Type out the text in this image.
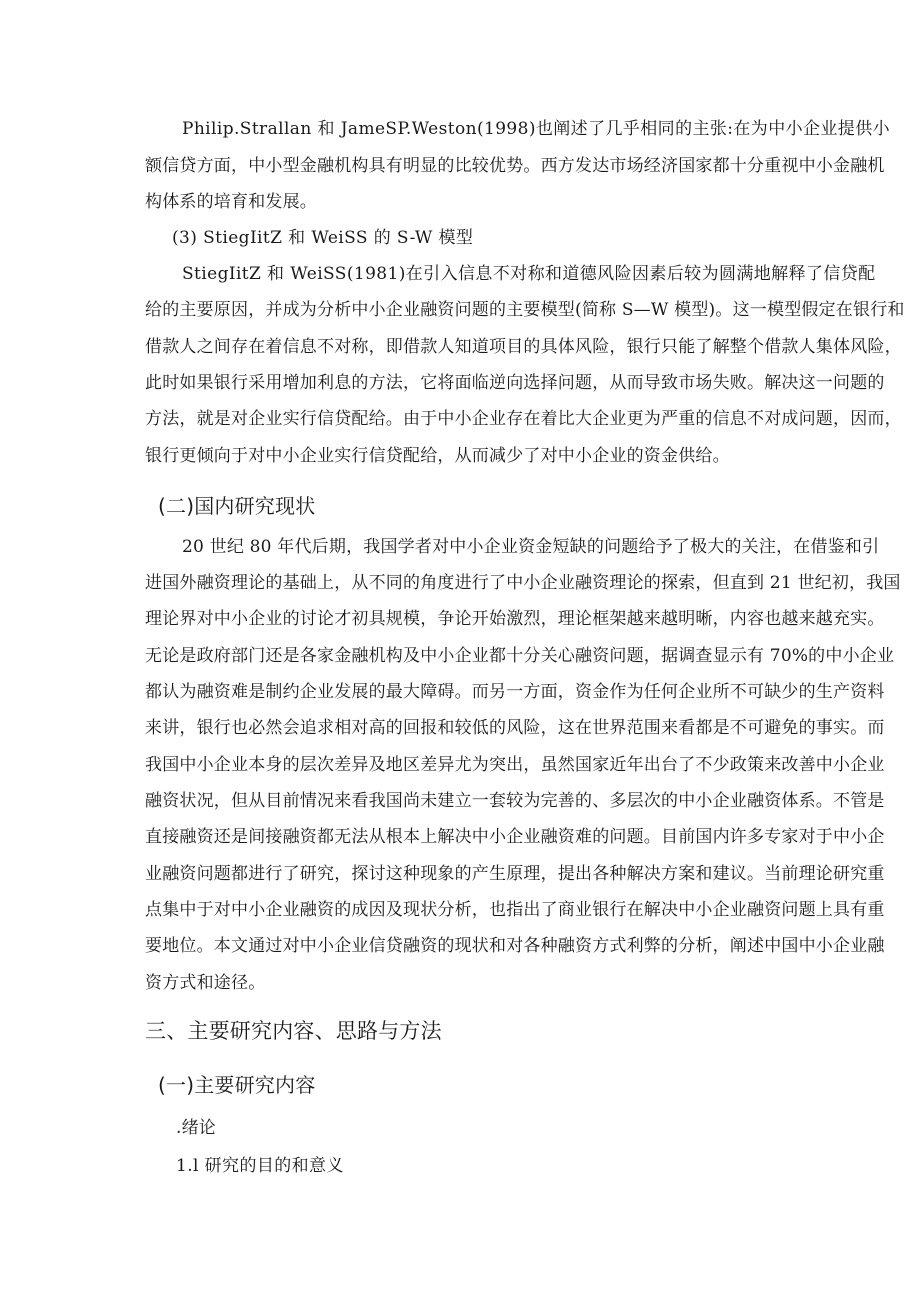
Philip.Strallan 和 JameSP.Weston(1998)也阐述了几乎相同的主张:在为中小企业提供小
额信贷方面，中小型金融机构具有明显的比较优势。西方发达市场经济国家都十分重视中小金融机
构体系的培育和发展。
(3) StiegIitZ 和 WeiSS 的 S-W 模型
StiegIitZ 和 WeiSS(1981)在引入信息不对称和道德风险因素后较为圆满地解释了信贷配
给的主要原因，并成为分析中小企业融资问题的主要模型(简称 S—W 模型)。这一模型假定在银行和
借款人之间存在着信息不对称，即借款人知道项目的具体风险，银行只能了解整个借款人集体风险，
此时如果银行采用增加利息的方法，它将面临逆向选择问题，从而导致市场失败。解决这一问题的
方法，就是对企业实行信贷配给。由于中小企业存在着比大企业更为严重的信息不对成问题，因而，
银行更倾向于对中小企业实行信贷配给，从而减少了对中小企业的资金供给。
(二)国内研究现状
20 世纪 80 年代后期，我国学者对中小企业资金短缺的问题给予了极大的关注，在借鉴和引
进国外融资理论的基础上，从不同的角度进行了中小企业融资理论的探索，但直到 21 世纪初，我国
理论界对中小企业的讨论才初具规模，争论开始激烈，理论框架越来越明晰，内容也越来越充实。
无论是政府部门还是各家金融机构及中小企业都十分关心融资问题，据调查显示有 70%的中小企业
都认为融资难是制约企业发展的最大障碍。而另一方面，资金作为任何企业所不可缺少的生产资料
来讲，银行也必然会追求相对高的回报和较低的风险，这在世界范围来看都是不可避免的事实。而
我国中小企业本身的层次差异及地区差异尤为突出，虽然国家近年出台了不少政策来改善中小企业
融资状况，但从目前情况来看我国尚未建立一套较为完善的、多层次的中小企业融资体系。不管是
直接融资还是间接融资都无法从根本上解决中小企业融资难的问题。目前国内许多专家对于中小企
业融资问题都进行了研究，探讨这种现象的产生原理，提出各种解决方案和建议。当前理论研究重
点集中于对中小企业融资的成因及现状分析，也指出了商业银行在解决中小企业融资问题上具有重
要地位。本文通过对中小企业信贷融资的现状和对各种融资方式利弊的分析，阐述中国中小企业融
资方式和途径。
三、主要研究内容、思路与方法
(一)主要研究内容
.绪论
1.l 研究的目的和意义
